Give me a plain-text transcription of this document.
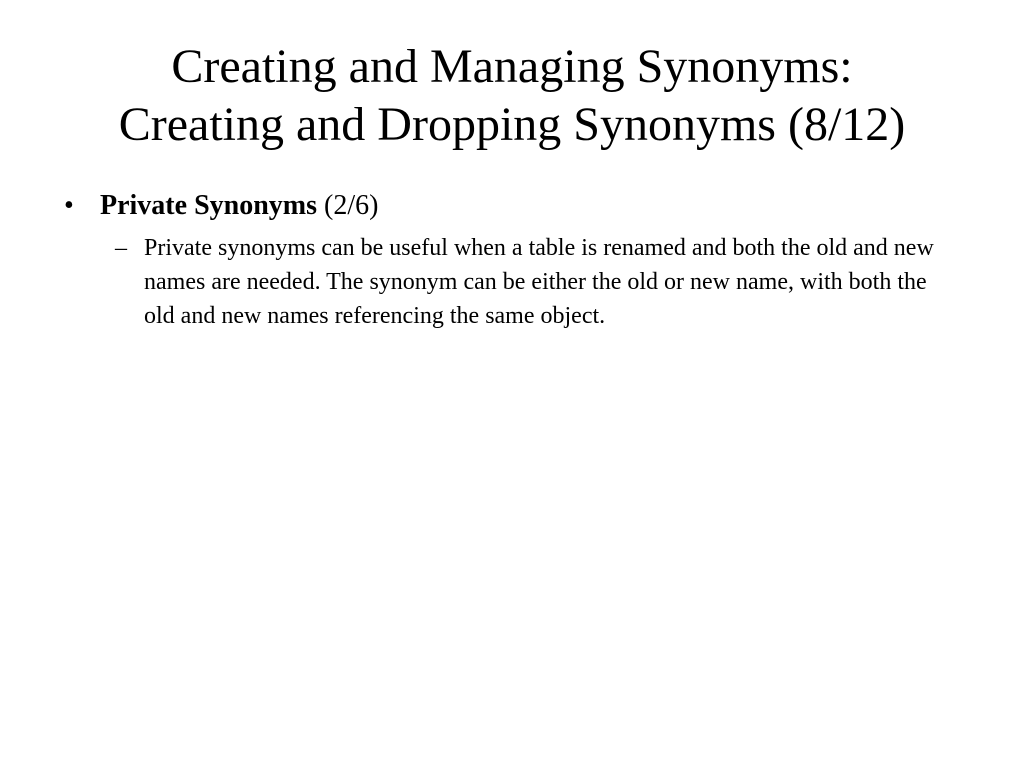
Creating and Managing Synonyms:
Creating and Dropping Synonyms (8/12)

• Private Synonyms (2/6)

– Private synonyms can be useful when a table is renamed and both the old and new names are needed. The synonym can be either the old or new name, with both the old and new names referencing the same object.
